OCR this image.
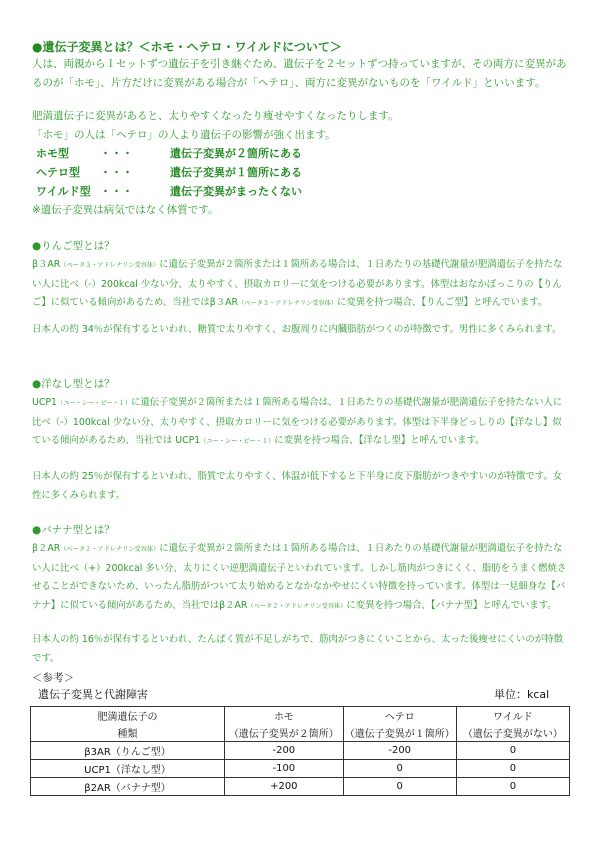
●遺伝子変異とは？＜ホモ・ヘテロ・ワイルドについて＞

人は、両親から１セットずつ遺伝子を引き継ぐため、遺伝子を２セットずつ持っていますが、その両方に変異があるのが「ホモ」、片方だけに変異がある場合が「ヘテロ」、両方に変異がないものを「ワイルド」といいます。

肥満遺伝子に変異があると、太りやすくなったり痩せやすくなったりします。

「ホモ」の人は「ヘテロ」の人より遺伝子の影響が強く出ます。

ホモ型	・・・	遺伝子変異が２箇所にある
ヘテロ型 ・・・	遺伝子変異が１箇所にある
ワイルド型 ・・・	遺伝子変異がまったくない
※遺伝子変異は病気ではなく体質です。
●りんご型とは？

β３AR（ベータ３・アドレナリン受容体）に遺伝子変異が２箇所または１箇所ある場合は、１日あたりの基礎代謝量が肥満遺伝子を持たない人に比べ（-）200kcal 少ない分、太りやすく、摂取カロリーに気をつける必要があります。体型はおなかぽっこりの【りんご】に似ている傾向があるため、当社ではβ３AR（ベータ３・アドレナリン受容体）に変異を持つ場合、【りんご型】と呼んでいます。

日本人の約 34％が保有するといわれ、糖質で太りやすく、お腹周りに内臓脂肪がつくのが特徴です。男性に多くみられます。

●洋なし型とは？

UCP1（ユー・シー・ピー・１）に遺伝子変異が２箇所または１箇所ある場合は、１日あたりの基礎代謝量が肥満遺伝子を持たない人に比べ（-）100kcal 少ない分、太りやすく、摂取カロリーに気をつける必要があります。体型は下半身どっしりの【洋なし】似ている傾向があるため、当社では UCP1（ユー・シー・ピー・１）に変異を持つ場合、【洋なし型】と呼んでいます。

日本人の約 25％が保有するといわれ、脂質で太りやすく、体温が低下すると下半身に皮下脂肪がつきやすいのが特徴です。女性に多くみられます。

●バナナ型とは？

β２AR（ベータ２・アドレナリン受容体）に遺伝子変異が２箇所または１箇所ある場合は、１日あたりの基礎代謝量が肥満遺伝子を持たない人に比べ（+）200kcal 多い分、太りにくい逆肥満遺伝子といわれています。しかし筋肉がつきにくく、脂肪をうまく燃焼させることができないため、いったん脂肪がついて太り始めるとなかなかやせにくい特徴を持っています。体型は一見細身な【バナナ】に似ている傾向があるため、当社ではβ２AR（ベータ２・アドレナリン受容体）に変異を持つ場合、【バナナ型】と呼んでいます。

日本人の約 16％が保有するといわれ、たんぱく質が不足しがちで、筋肉がつきにくいことから、太った後痩せにくいのが特徴です。

＜参考＞
遺伝子変異と代謝障害	単位：kcal
肥満遺伝子の	ホモ	ヘテロ	ワイルド
種類	（遺伝子変異が２箇所）	（遺伝子変異が１箇所）	（遺伝子変異がない）
β3AR（りんご型）	-200	-200	0
UCP1（洋なし型）	-100	0	0
β2AR（バナナ型）	+200	0	0
